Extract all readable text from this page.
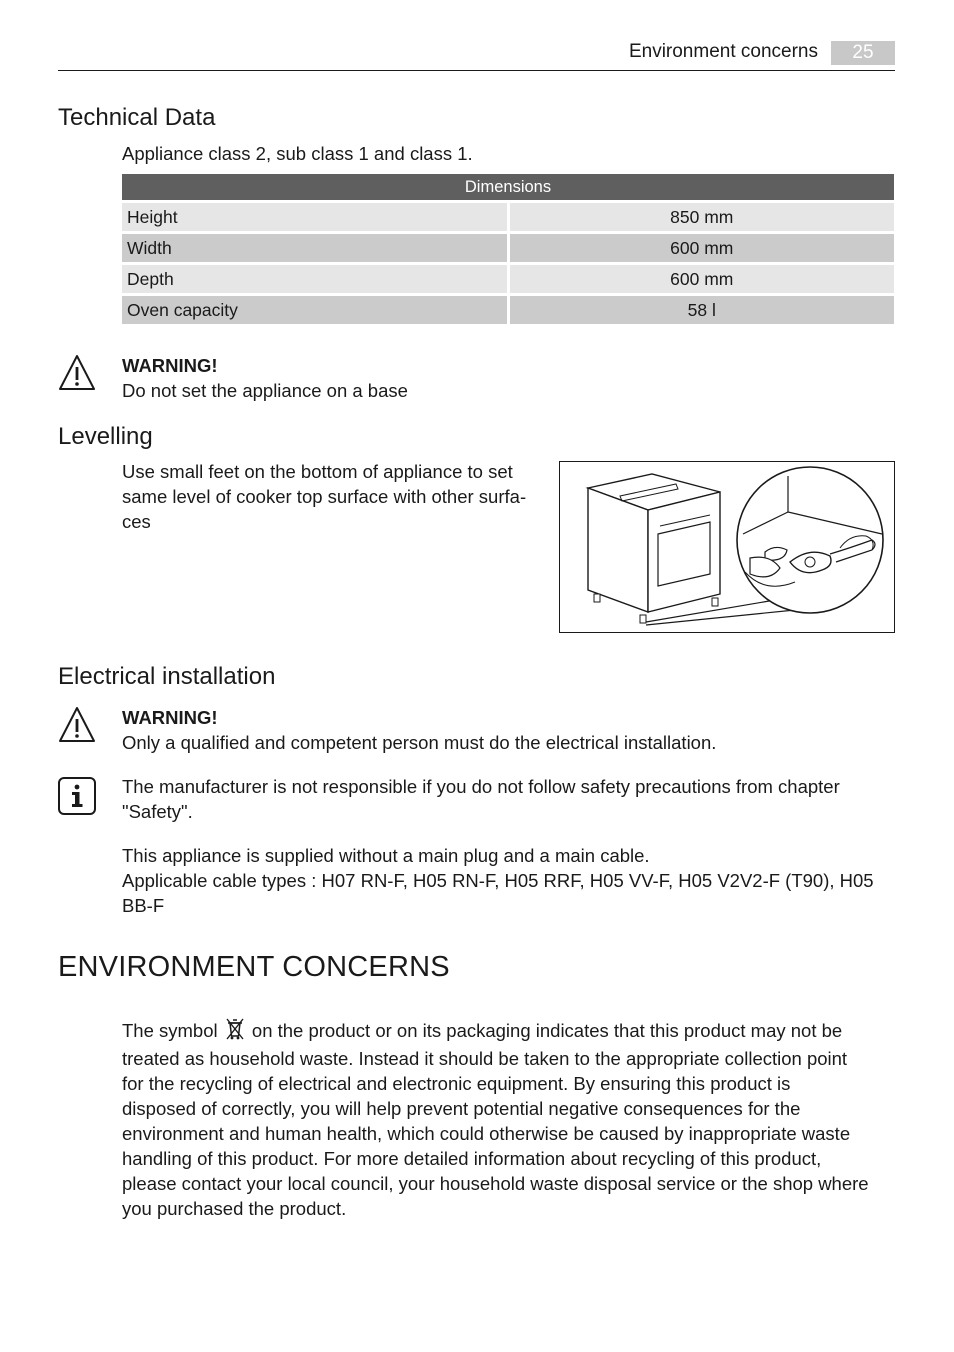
Environment concerns	25
Technical Data
Appliance class 2, sub class 1 and class 1.
Dimensions	
Height	850 mm
Width	600 mm
Depth	600 mm
Oven capacity	58 l
WARNING!
Do not set the appliance on a base
Levelling
Use small feet on the bottom of appliance to set
same level of cooker top surface with other surfa-
ces
Electrical installation
WARNING!
Only a qualified and competent person must do the electrical installation.
The manufacturer is not responsible if you do not follow safety precautions from chapter
"Safety".
This appliance is supplied without a main plug and a main cable.
Applicable cable types : H07 RN-F, H05 RN-F, H05 RRF, H05 VV-F, H05 V2V2-F (T90), H05
BB-F
ENVIRONMENT CONCERNS
The symbol on the product or on its packaging indicates that this product may not be
treated as household waste. Instead it should be taken to the appropriate collection point
for the recycling of electrical and electronic equipment. By ensuring this product is
disposed of correctly, you will help prevent potential negative consequences for the
environment and human health, which could otherwise be caused by inappropriate waste
handling of this product. For more detailed information about recycling of this product,
please contact your local council, your household waste disposal service or the shop where
you purchased the product.
